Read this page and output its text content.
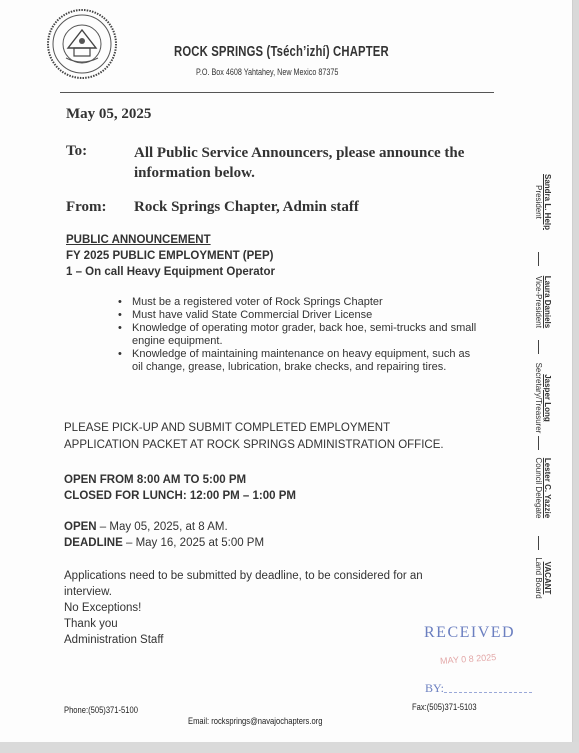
ROCK SPRINGS (Tséch’izhí) CHAPTER
P.O. Box 4608 Yahtahey, New Mexico 87375
May 05, 2025
To:	All Public Service Announcers, please announce the information below.
From: Rock Springs Chapter, Admin staff
PUBLIC ANNOUNCEMENT
FY 2025 PUBLIC EMPLOYMENT (PEP)
1 – On call Heavy Equipment Operator
• Must be a registered voter of Rock Springs Chapter
• Must have valid State Commercial Driver License
• Knowledge of operating motor grader, back hoe, semi-trucks and small engine equipment.
• Knowledge of maintaining maintenance on heavy equipment, such as oil change, grease, lubrication, brake checks, and repairing tires.
PLEASE PICK-UP AND SUBMIT COMPLETED EMPLOYMENT APPLICATION PACKET AT ROCK SPRINGS ADMINISTRATION OFFICE.
OPEN FROM 8:00 AM TO 5:00 PM
CLOSED FOR LUNCH: 12:00 PM – 1:00 PM
OPEN – May 05, 2025, at 8 AM.
DEADLINE – May 16, 2025 at 5:00 PM
Applications need to be submitted by deadline, to be considered for an interview.
No Exceptions!
Thank you
Administration Staff	RECEIVED
MAY 0 8 2025
BY:
Phone:(505)371-5100	Fax:(505)371-5103
Email: rocksprings@navajochapters.org
Sandra L. Help
President
Laura Daniels
Vice-President
Jasper Long
Secretary/Treasurer
Lester C. Yazzie
Council Delegate
VACANT
Land Board
